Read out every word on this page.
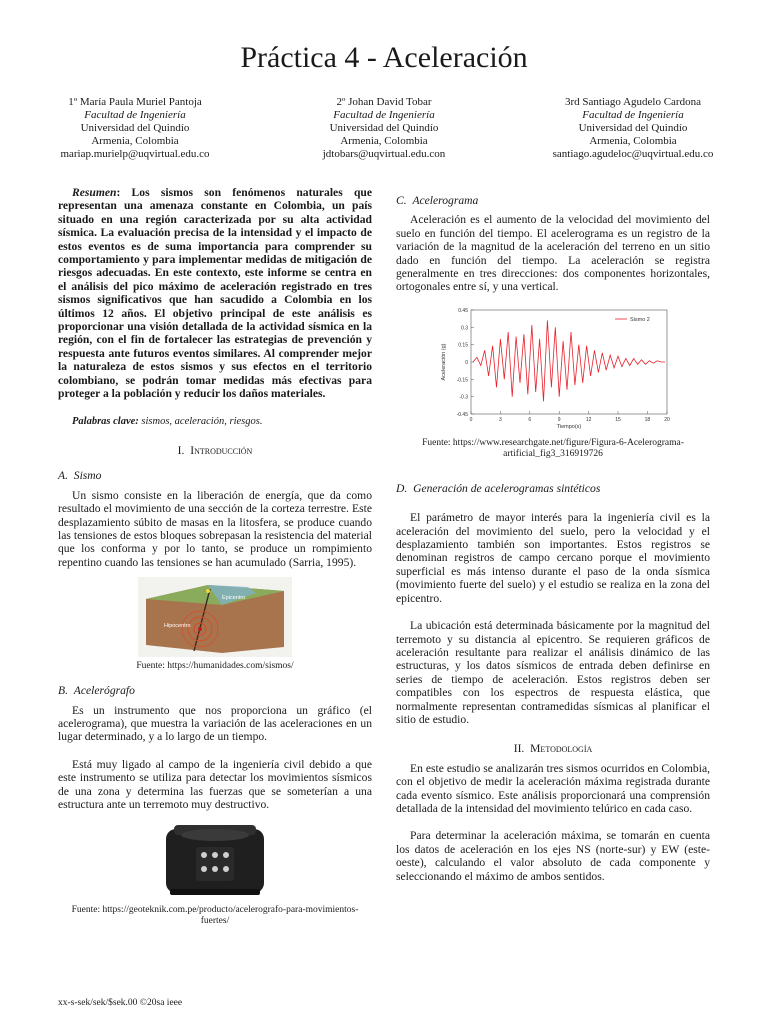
Práctica 4 - Aceleración
1º María Paula Muriel Pantoja
Facultad de Ingeniería
Universidad del Quindío
Armenia, Colombia
mariap.murielp@uqvirtual.edu.co
2º Johan David Tobar
Facultad de Ingeniería
Universidad del Quindío
Armenia, Colombia
jdtobars@uqvirtual.edu.con
3rd Santiago Agudelo Cardona
Facultad de Ingeniería
Universidad del Quindío
Armenia, Colombia
santiago.agudeloc@uqvirtual.edu.co

Resumen: Los sismos son fenómenos naturales que representan una amenaza constante en Colombia, un país situado en una región caracterizada por su alta actividad sísmica. La evaluación precisa de la intensidad y el impacto de estos eventos es de suma importancia para comprender su comportamiento y para implementar medidas de mitigación de riesgos adecuadas. En este contexto, este informe se centra en el análisis del pico máximo de aceleración registrado en tres sismos significativos que han sacudido a Colombia en los últimos 12 años. El objetivo principal de este análisis es proporcionar una visión detallada de la actividad sísmica en la región, con el fin de fortalecer las estrategias de prevención y respuesta ante futuros eventos similares. Al comprender mejor la naturaleza de estos sismos y sus efectos en el territorio colombiano, se podrán tomar medidas más efectivas para proteger a la población y reducir los daños materiales.

Palabras clave: sismos, aceleración, riesgos.

I. Introducción
A. Sismo

Un sismo consiste en la liberación de energía, que da como resultado el movimiento de una sección de la corteza terrestre. Este desplazamiento súbito de masas en la litosfera, se produce cuando las tensiones de estos bloques sobrepasan la resistencia del material que los conforma y por lo tanto, se produce un rompimiento repentino cuando las tensiones se han acumulado (Sarria, 1995).

Hipocentro
Epicentro
Fuente: https://humanidades.com/sismos/
B. Acelerógrafo

Es un instrumento que nos proporciona un gráfico (el acelerograma), que muestra la variación de las aceleraciones en un lugar determinado, y a lo largo de un tiempo.

Está muy ligado al campo de la ingeniería civil debido a que este instrumento se utiliza para detectar los movimientos sísmicos de una zona y determina las fuerzas que se someterían a una estructura ante un terremoto muy destructivo.

Fuente: https://geoteknik.com.pe/producto/acelerografo-para-movimientos-fuertes/
C. Acelerograma

Aceleración es el aumento de la velocidad del movimiento del suelo en función del tiempo. El acelerograma es un registro de la variación de la magnitud de la aceleración del terreno en un sitio dado en función del tiempo. La aceleración se registra generalmente en tres direcciones: dos componentes horizontales, ortogonales entre sí, y una vertical.

-0.45
-0.3
-0.15
0
0.15
0.3
0.45
0	3	6	9	12	15	18	20
Tiempo(s)
Aceleración (g)
Sismo 2
Fuente: https://www.researchgate.net/figure/Figura-6-Acelerograma-artificial_fig3_316919726
D. Generación de acelerogramas sintéticos

El parámetro de mayor interés para la ingeniería civil es la aceleración del movimiento del suelo, pero la velocidad y el desplazamiento también son importantes. Estos registros se denominan registros de campo cercano porque el movimiento superficial es más intenso durante el paso de la onda sísmica (movimiento fuerte del suelo) y el estudio se realiza en la zona del epicentro.

La ubicación está determinada básicamente por la magnitud del terremoto y su distancia al epicentro. Se requieren gráficos de aceleración resultante para realizar el análisis dinámico de las estructuras, y los datos sísmicos de entrada deben definirse en series de tiempo de aceleración. Estos registros deben ser compatibles con los espectros de respuesta elástica, que normalmente representan contramedidas sísmicas al planificar el sitio de estudio.

II. Metodología

En este estudio se analizarán tres sismos ocurridos en Colombia, con el objetivo de medir la aceleración máxima registrada durante cada evento sísmico. Este análisis proporcionará una comprensión detallada de la intensidad del movimiento telúrico en cada caso.

Para determinar la aceleración máxima, se tomarán en cuenta los datos de aceleración en los ejes NS (norte-sur) y EW (este-oeste), calculando el valor absoluto de cada componente y seleccionando el máximo de ambos sentidos.

xx-s-sek/sek/$sek.00 ©20sa ieee
